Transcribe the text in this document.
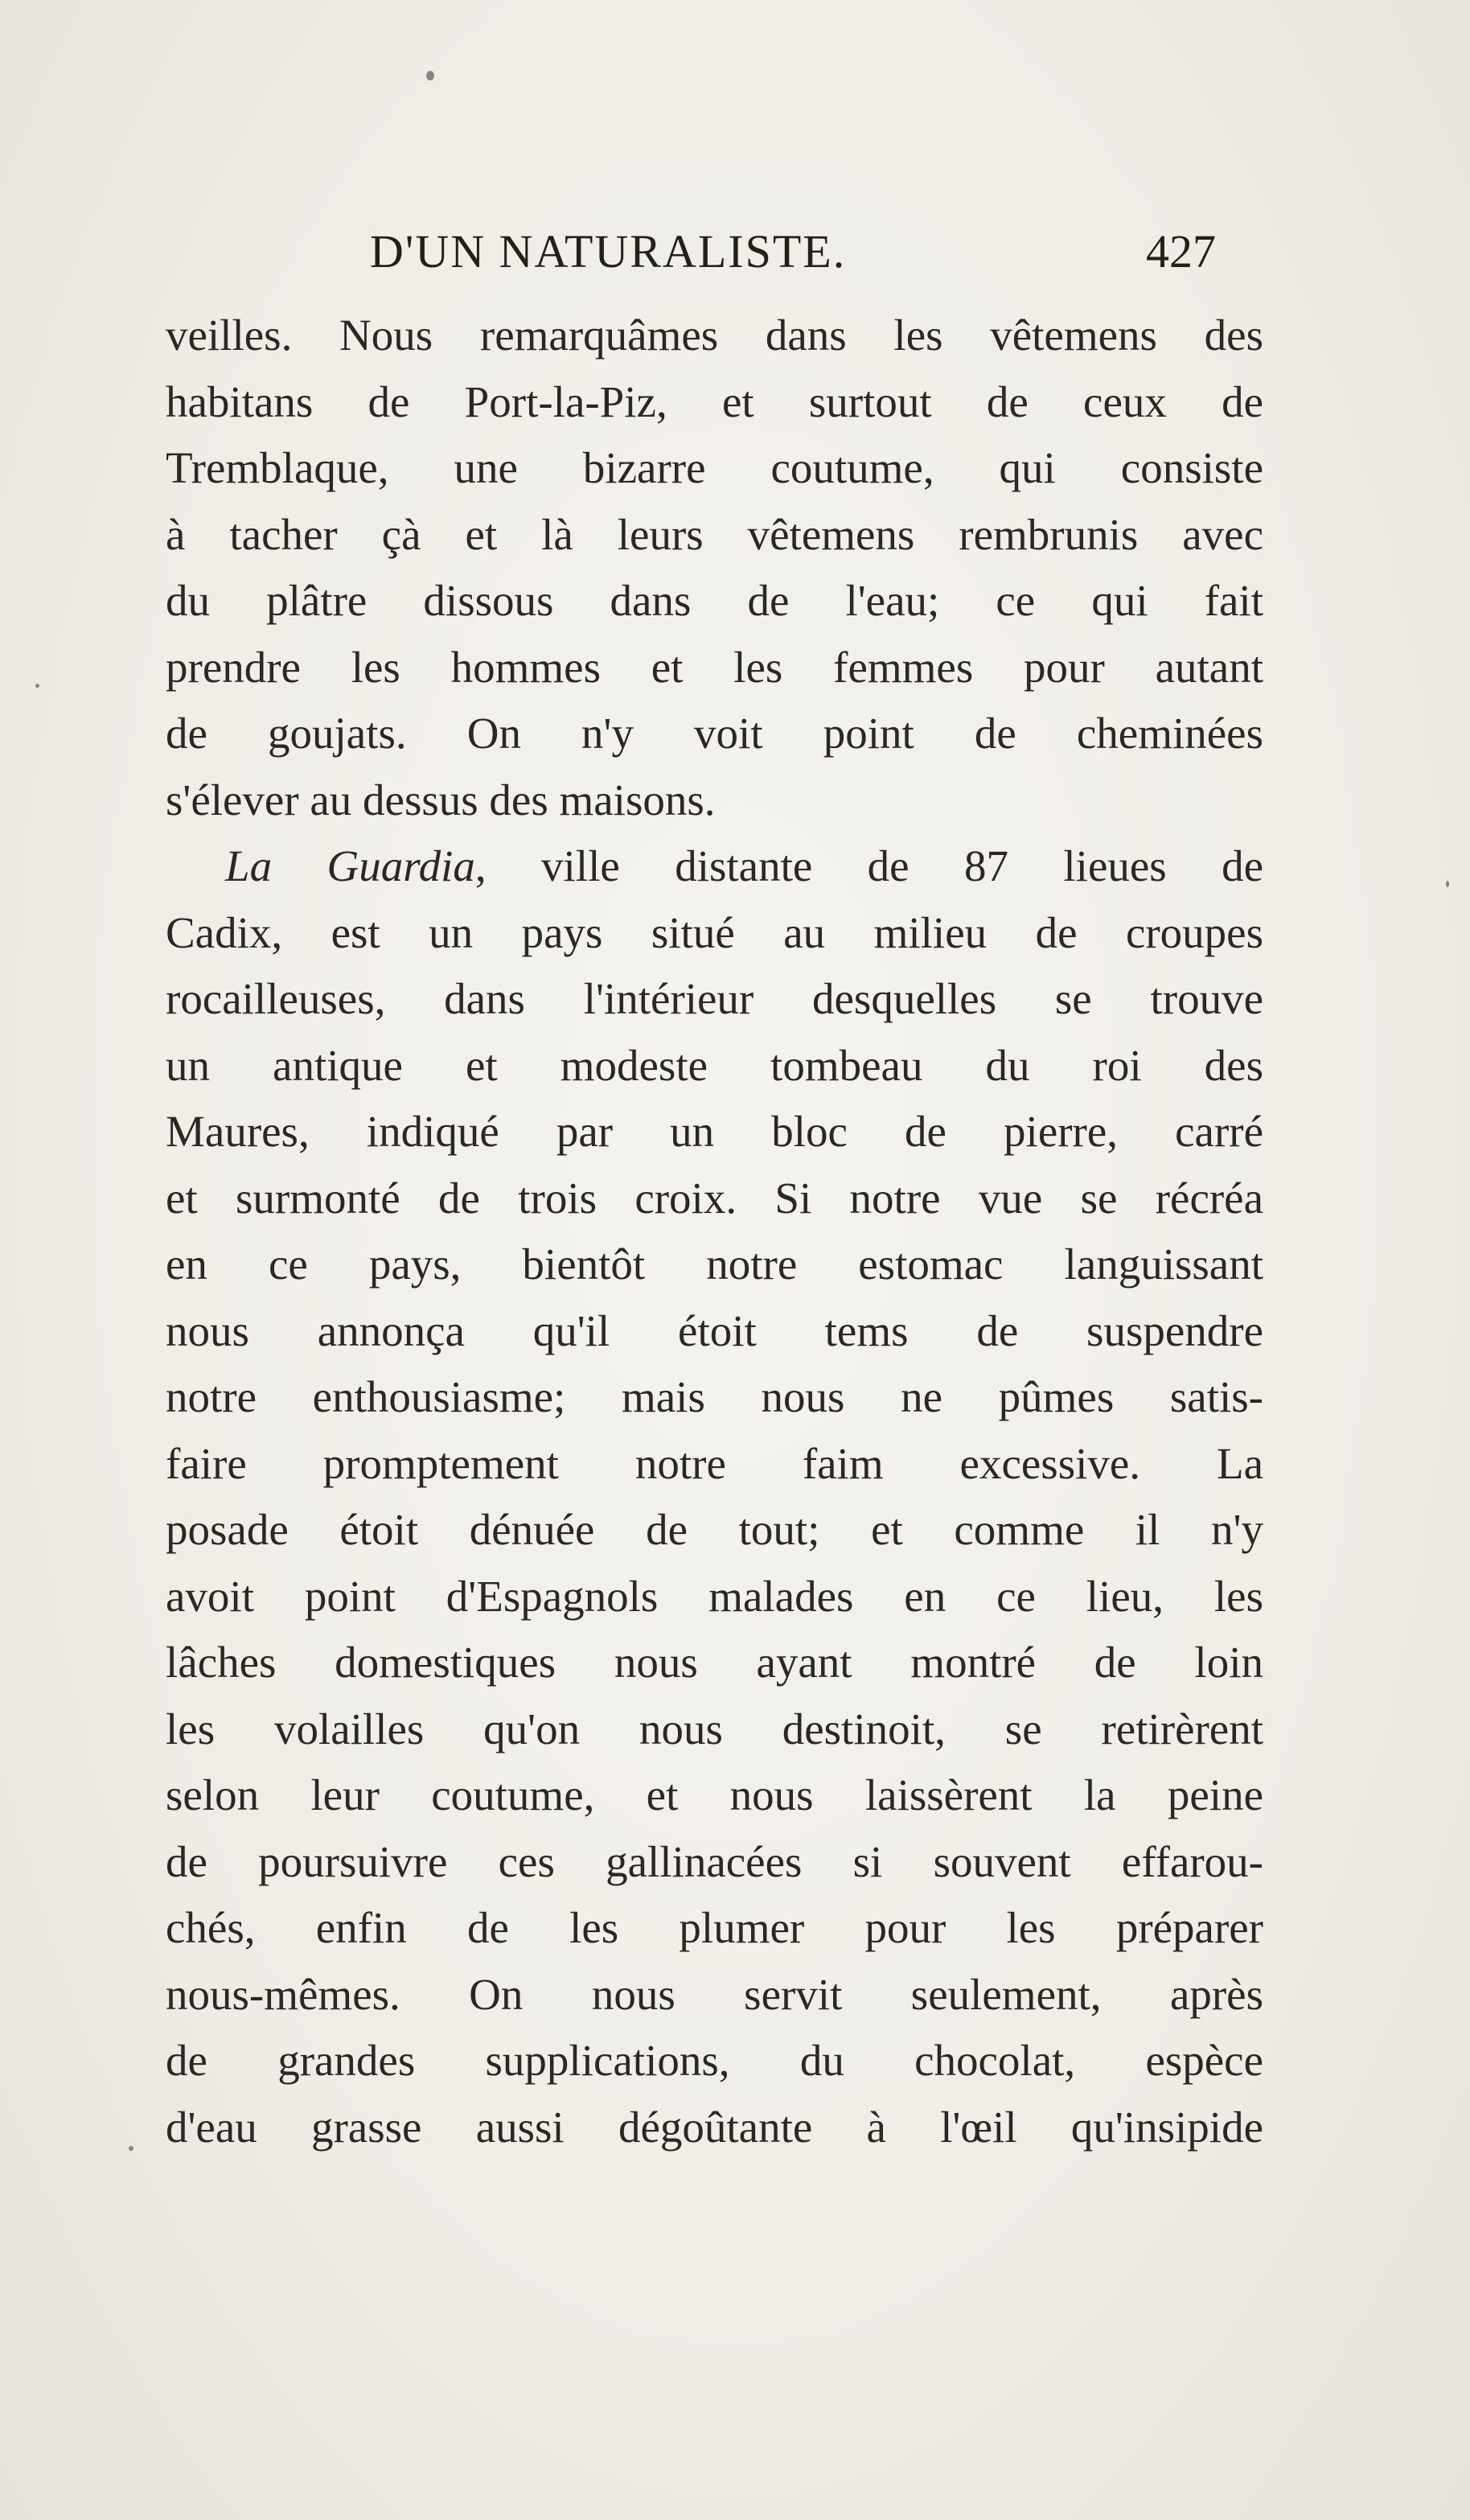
D'UN NATURALISTE.	427
veilles. Nous remarquâmes dans les vêtemens des
habitans de Port-la-Piz, et surtout de ceux de
Tremblaque, une bizarre coutume, qui consiste
à tacher çà et là leurs vêtemens rembrunis avec
du plâtre dissous dans de l'eau; ce qui fait
prendre les hommes et les femmes pour autant
de goujats. On n'y voit point de cheminées
s'élever au dessus des maisons.
La Guardia, ville distante de 87 lieues de
Cadix, est un pays situé au milieu de croupes
rocailleuses, dans l'intérieur desquelles se trouve
un antique et modeste tombeau du roi des
Maures, indiqué par un bloc de pierre, carré
et surmonté de trois croix. Si notre vue se récréa
en ce pays, bientôt notre estomac languissant
nous annonça qu'il étoit tems de suspendre
notre enthousiasme; mais nous ne pûmes satis-
faire promptement notre faim excessive. La
posade étoit dénuée de tout; et comme il n'y
avoit point d'Espagnols malades en ce lieu, les
lâches domestiques nous ayant montré de loin
les volailles qu'on nous destinoit, se retirèrent
selon leur coutume, et nous laissèrent la peine
de poursuivre ces gallinacées si souvent effarou-
chés, enfin de les plumer pour les préparer
nous-mêmes. On nous servit seulement, après
de grandes supplications, du chocolat, espèce
d'eau grasse aussi dégoûtante à l'œil qu'insipide
